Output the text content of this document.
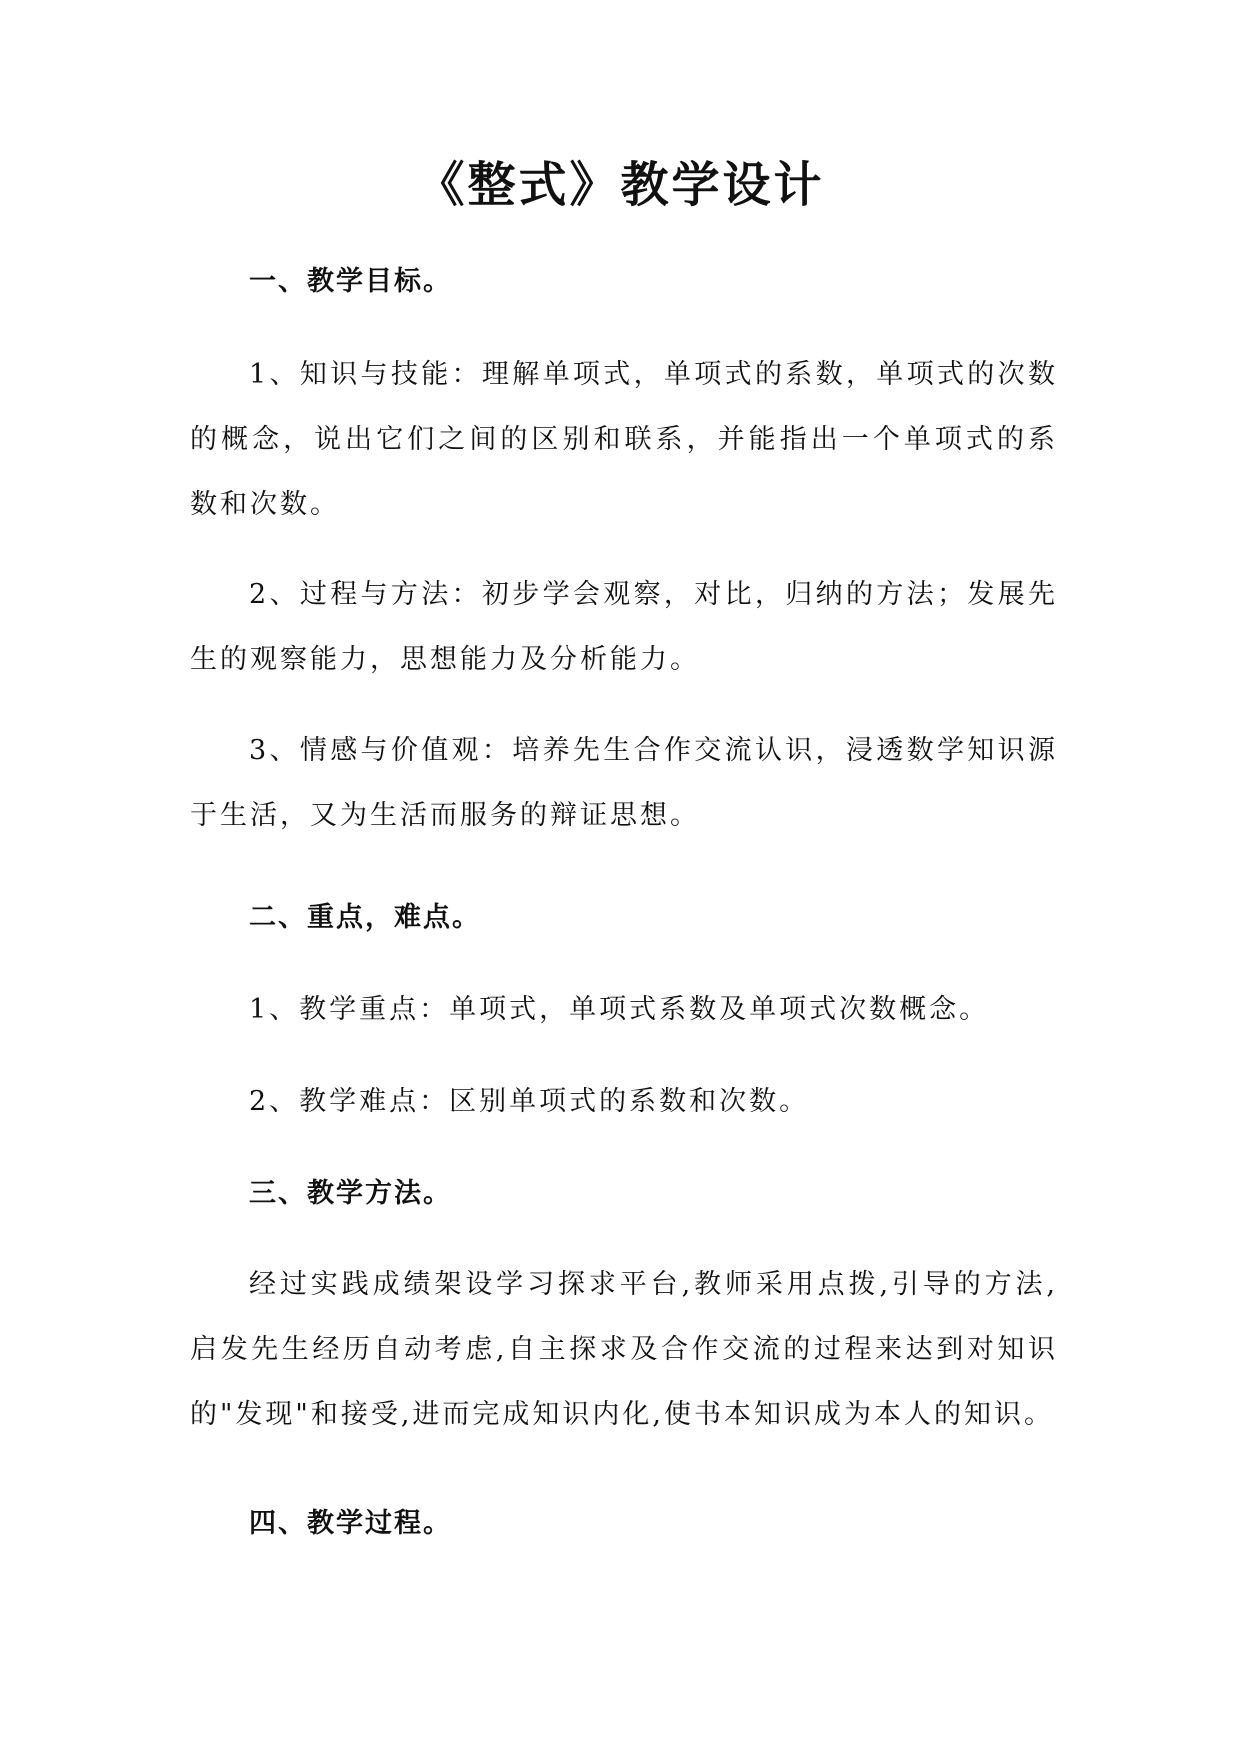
《整式》教学设计
一、教学目标。

1、知识与技能：理解单项式，单项式的系数，单项式的次数的概念，说出它们之间的区别和联系，并能指出一个单项式的系数和次数。

2、过程与方法：初步学会观察，对比，归纳的方法；发展先生的观察能力，思想能力及分析能力。

3、情感与价值观：培养先生合作交流认识，浸透数学知识源于生活，又为生活而服务的辩证思想。

二、重点，难点。

1、教学重点：单项式，单项式系数及单项式次数概念。

2、教学难点：区别单项式的系数和次数。

三、教学方法。

经过实践成绩架设学习探求平台,教师采用点拨,引导的方法,启发先生经历自动考虑,自主探求及合作交流的过程来达到对知识的"发现"和接受,进而完成知识内化,使书本知识成为本人的知识。

四、教学过程。
